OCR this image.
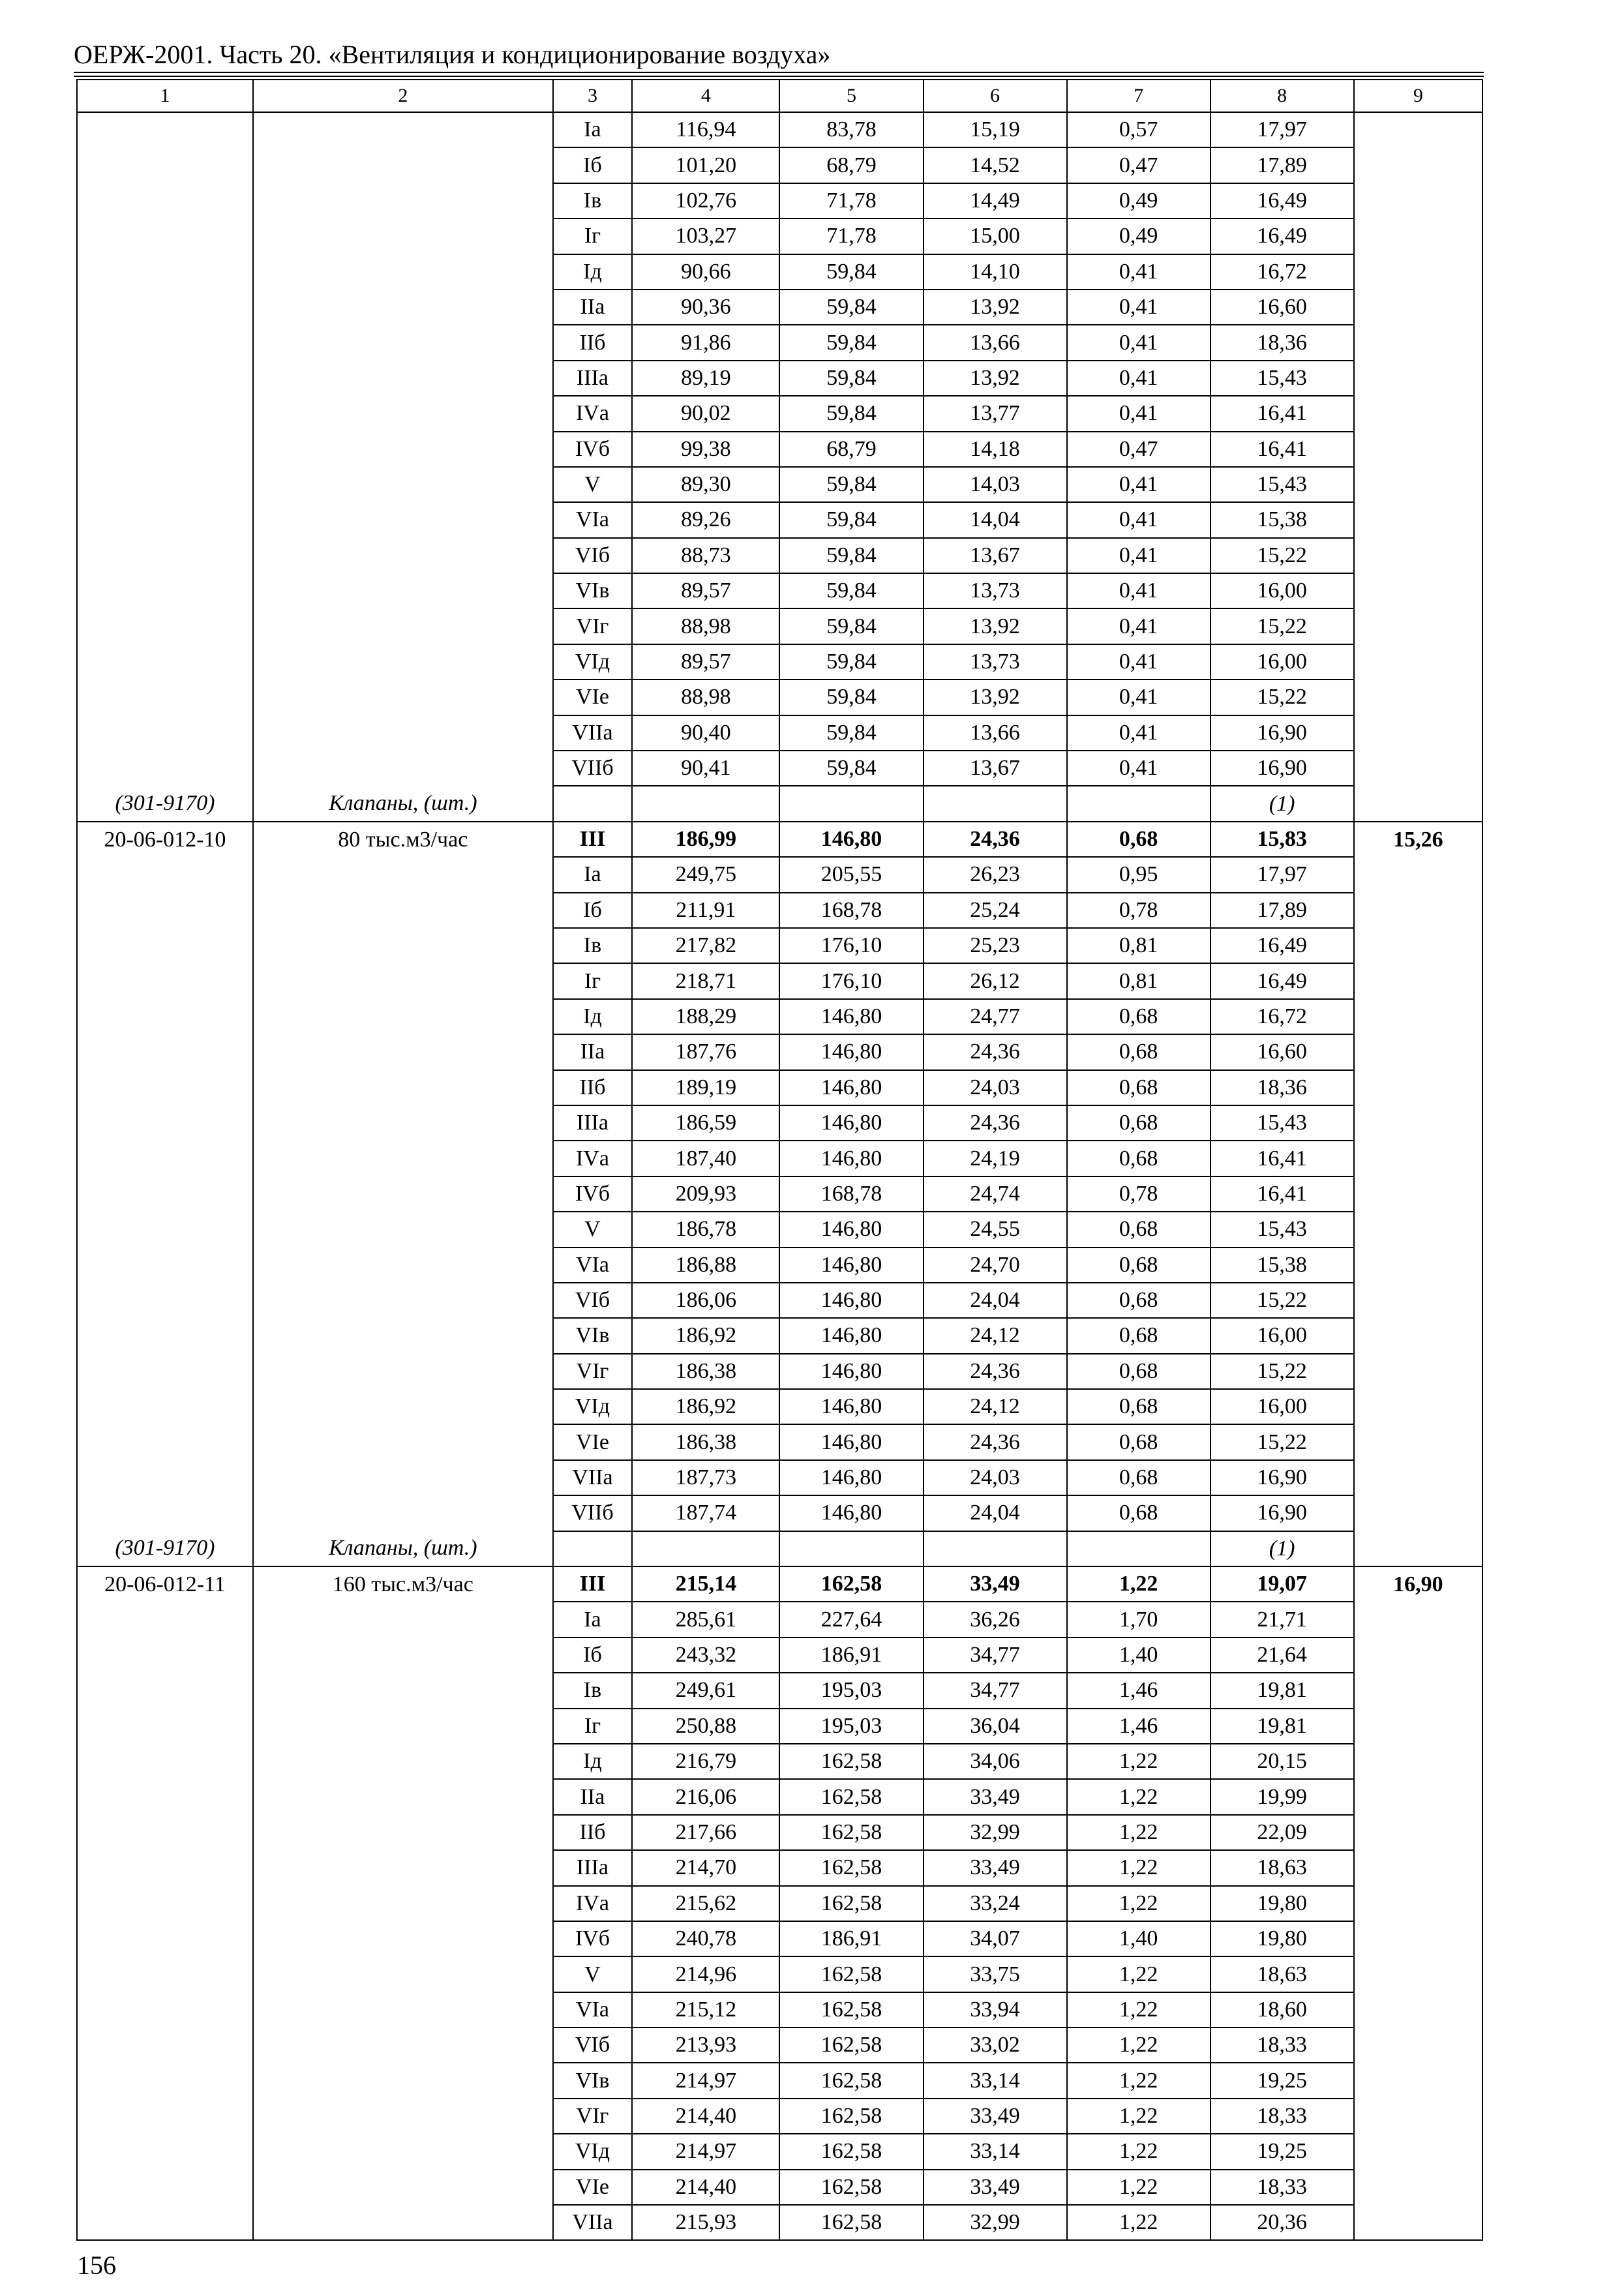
ОЕРЖ-2001. Часть 20. «Вентиляция и кондиционирование воздуха»
1	2	3	4	5	6	7	8	9
		Iа	116,94	83,78	15,19	0,57	17,97	
		Iб	101,20	68,79	14,52	0,47	17,89	
		Iв	102,76	71,78	14,49	0,49	16,49	
		Iг	103,27	71,78	15,00	0,49	16,49	
		Iд	90,66	59,84	14,10	0,41	16,72	
		IIа	90,36	59,84	13,92	0,41	16,60	
		IIб	91,86	59,84	13,66	0,41	18,36	
		IIIа	89,19	59,84	13,92	0,41	15,43	
		IVа	90,02	59,84	13,77	0,41	16,41	
		IVб	99,38	68,79	14,18	0,47	16,41	
		V	89,30	59,84	14,03	0,41	15,43	
		VIа	89,26	59,84	14,04	0,41	15,38	
		VIб	88,73	59,84	13,67	0,41	15,22	
		VIв	89,57	59,84	13,73	0,41	16,00	
		VIг	88,98	59,84	13,92	0,41	15,22	
		VIд	89,57	59,84	13,73	0,41	16,00	
		VIе	88,98	59,84	13,92	0,41	15,22	
		VIIа	90,40	59,84	13,66	0,41	16,90	
		VIIб	90,41	59,84	13,67	0,41	16,90	
(301-9170)	Клапаны, (шт.)						(1)	
20-06-012-10	80 тыс.м3/час	III	186,99	146,80	24,36	0,68	15,83	15,26
		Iа	249,75	205,55	26,23	0,95	17,97	
		Iб	211,91	168,78	25,24	0,78	17,89	
		Iв	217,82	176,10	25,23	0,81	16,49	
		Iг	218,71	176,10	26,12	0,81	16,49	
		Iд	188,29	146,80	24,77	0,68	16,72	
		IIа	187,76	146,80	24,36	0,68	16,60	
		IIб	189,19	146,80	24,03	0,68	18,36	
		IIIа	186,59	146,80	24,36	0,68	15,43	
		IVа	187,40	146,80	24,19	0,68	16,41	
		IVб	209,93	168,78	24,74	0,78	16,41	
		V	186,78	146,80	24,55	0,68	15,43	
		VIа	186,88	146,80	24,70	0,68	15,38	
		VIб	186,06	146,80	24,04	0,68	15,22	
		VIв	186,92	146,80	24,12	0,68	16,00	
		VIг	186,38	146,80	24,36	0,68	15,22	
		VIд	186,92	146,80	24,12	0,68	16,00	
		VIе	186,38	146,80	24,36	0,68	15,22	
		VIIа	187,73	146,80	24,03	0,68	16,90	
		VIIб	187,74	146,80	24,04	0,68	16,90	
(301-9170)	Клапаны, (шт.)						(1)	
20-06-012-11	160 тыс.м3/час	III	215,14	162,58	33,49	1,22	19,07	16,90
		Iа	285,61	227,64	36,26	1,70	21,71	
		Iб	243,32	186,91	34,77	1,40	21,64	
		Iв	249,61	195,03	34,77	1,46	19,81	
		Iг	250,88	195,03	36,04	1,46	19,81	
		Iд	216,79	162,58	34,06	1,22	20,15	
		IIа	216,06	162,58	33,49	1,22	19,99	
		IIб	217,66	162,58	32,99	1,22	22,09	
		IIIа	214,70	162,58	33,49	1,22	18,63	
		IVа	215,62	162,58	33,24	1,22	19,80	
		IVб	240,78	186,91	34,07	1,40	19,80	
		V	214,96	162,58	33,75	1,22	18,63	
		VIа	215,12	162,58	33,94	1,22	18,60	
		VIб	213,93	162,58	33,02	1,22	18,33	
		VIв	214,97	162,58	33,14	1,22	19,25	
		VIг	214,40	162,58	33,49	1,22	18,33	
		VIд	214,97	162,58	33,14	1,22	19,25	
		VIе	214,40	162,58	33,49	1,22	18,33	
		VIIа	215,93	162,58	32,99	1,22	20,36	
156
